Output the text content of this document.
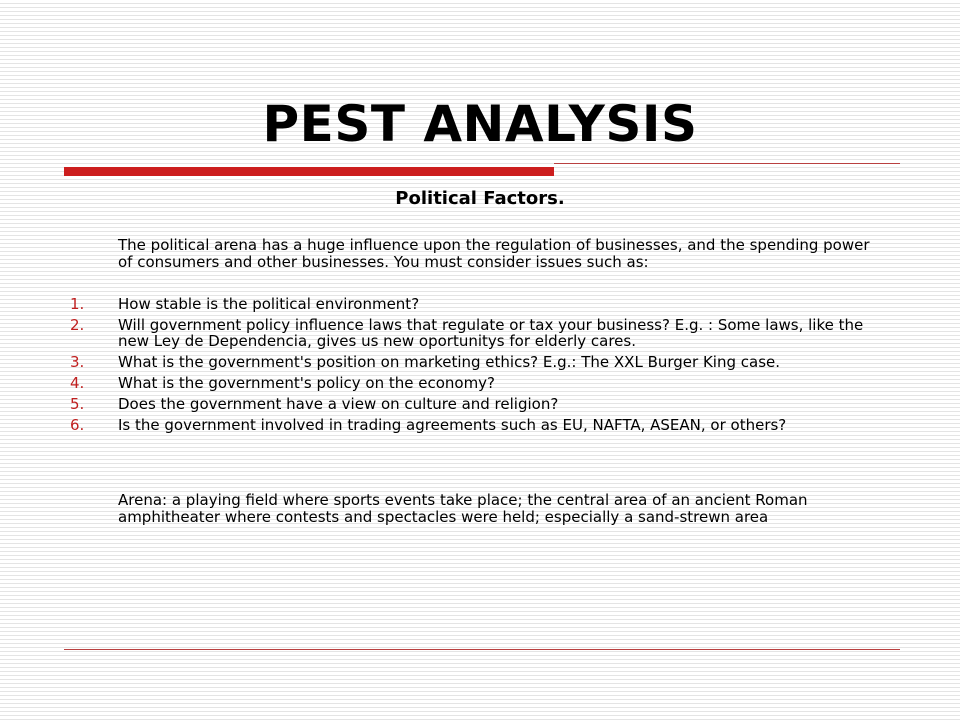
PEST ANALYSIS
Political Factors.
The political arena has a huge influence upon the regulation of businesses, and the spending power of consumers and other businesses. You must consider issues such as:
1.	How stable is the political environment?
2.	Will government policy influence laws that regulate or tax your business? E.g. : Some laws, like the new Ley de Dependencia, gives us new oportunitys for elderly cares.
3.	What is the government's position on marketing ethics? E.g.: The XXL Burger King case.
4.	What is the government's policy on the economy?
5.	Does the government have a view on culture and religion?
6.	Is the government involved in trading agreements such as EU, NAFTA, ASEAN, or others?
Arena: a playing field where sports events take place; the central area of an ancient Roman amphitheater where contests and spectacles were held; especially a sand-strewn area
